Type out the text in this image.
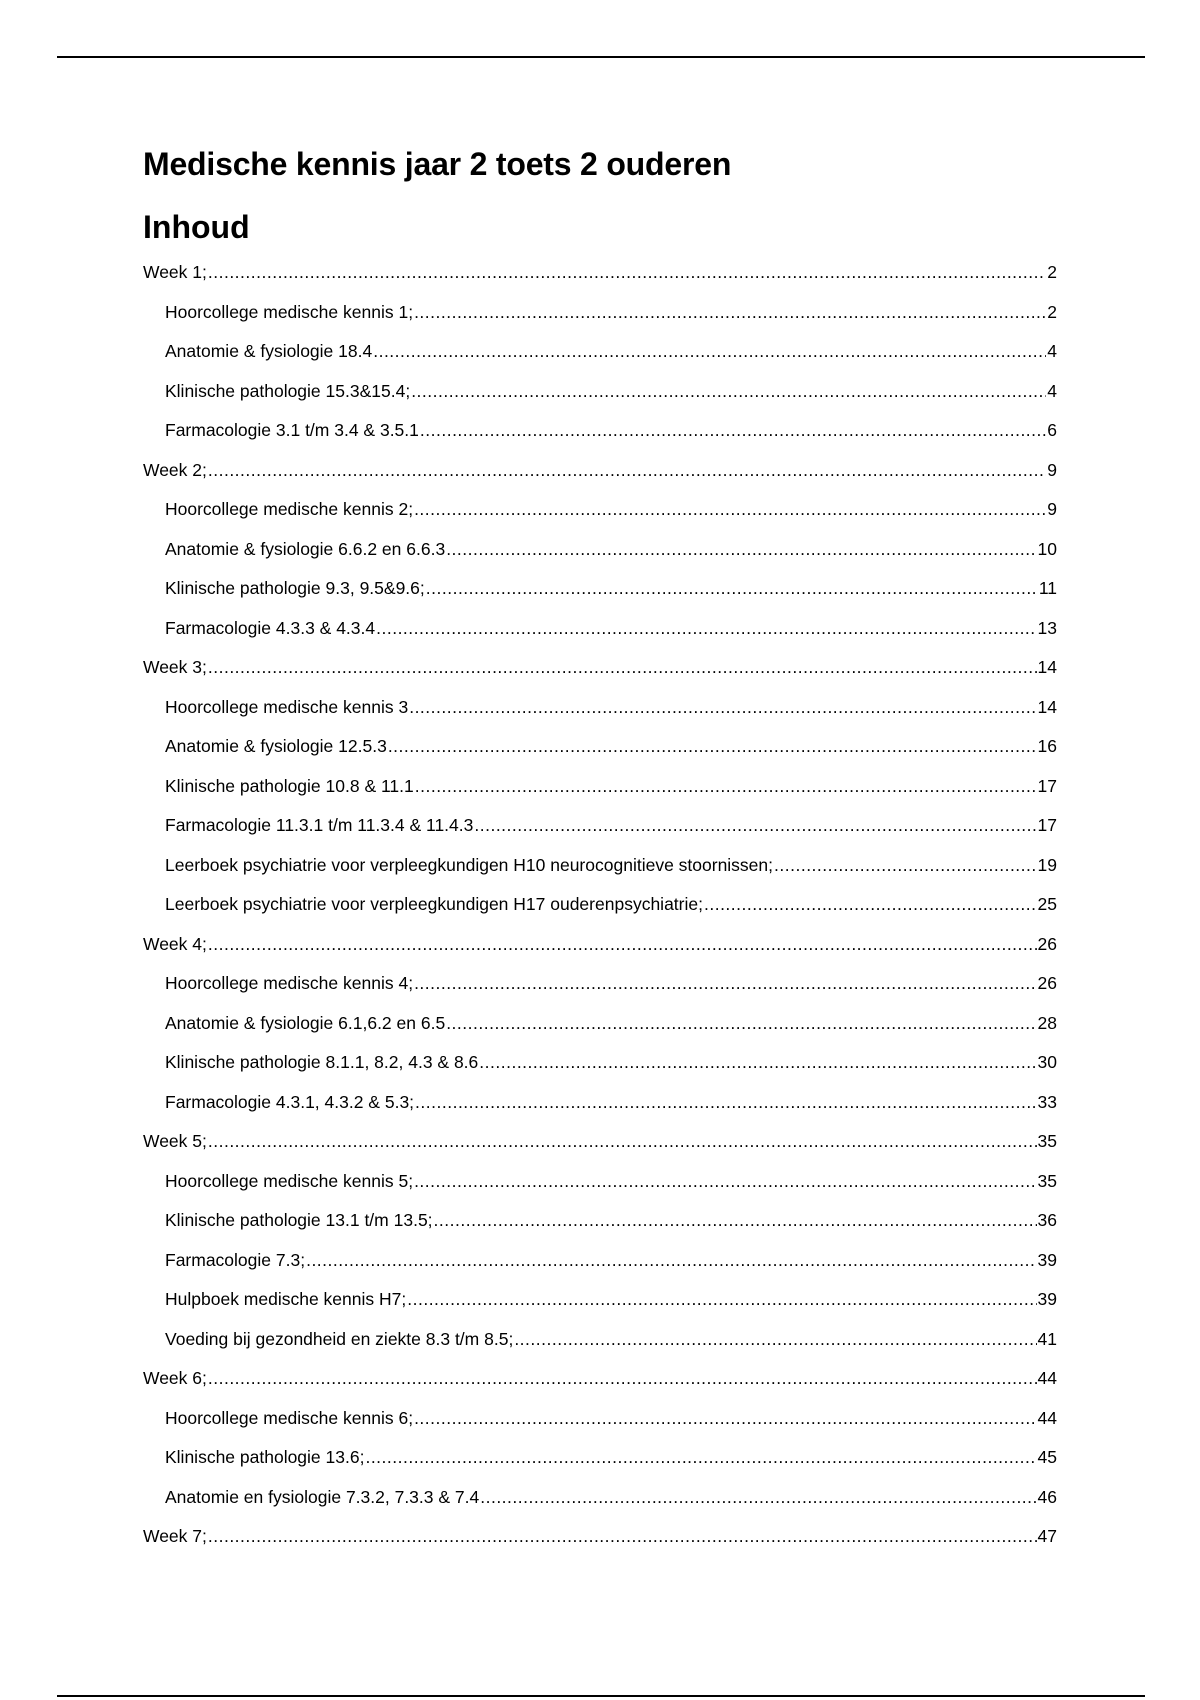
Medische kennis jaar 2 toets 2 ouderen
Inhoud
Week 1; .....	2
Hoorcollege medische kennis 1; .....	2
Anatomie & fysiologie 18.4 .....	4
Klinische pathologie 15.3&15.4; .....	4
Farmacologie 3.1 t/m 3.4 & 3.5.1 .....	6
Week 2; .....	9
Hoorcollege medische kennis 2; .....	9
Anatomie & fysiologie 6.6.2 en 6.6.3 .....	10
Klinische pathologie 9.3, 9.5&9.6; .....	11
Farmacologie 4.3.3 & 4.3.4 .....	13
Week 3; .....	14
Hoorcollege medische kennis 3 .....	14
Anatomie & fysiologie 12.5.3 .....	16
Klinische pathologie 10.8 & 11.1 .....	17
Farmacologie 11.3.1 t/m 11.3.4 & 11.4.3 .....	17
Leerboek psychiatrie voor verpleegkundigen H10 neurocognitieve stoornissen; .....	19
Leerboek psychiatrie voor verpleegkundigen H17 ouderenpsychiatrie; .....	25
Week 4; .....	26
Hoorcollege medische kennis 4; .....	26
Anatomie & fysiologie 6.1,6.2 en 6.5 .....	28
Klinische pathologie 8.1.1, 8.2, 4.3 & 8.6 .....	30
Farmacologie 4.3.1, 4.3.2 & 5.3; .....	33
Week 5; .....	35
Hoorcollege medische kennis 5; .....	35
Klinische pathologie 13.1 t/m 13.5; .....	36
Farmacologie 7.3; .....	39
Hulpboek medische kennis H7; .....	39
Voeding bij gezondheid en ziekte 8.3 t/m 8.5; .....	41
Week 6; .....	44
Hoorcollege medische kennis 6; .....	44
Klinische pathologie 13.6; .....	45
Anatomie en fysiologie 7.3.2, 7.3.3 & 7.4 .....	46
Week 7; .....	47
